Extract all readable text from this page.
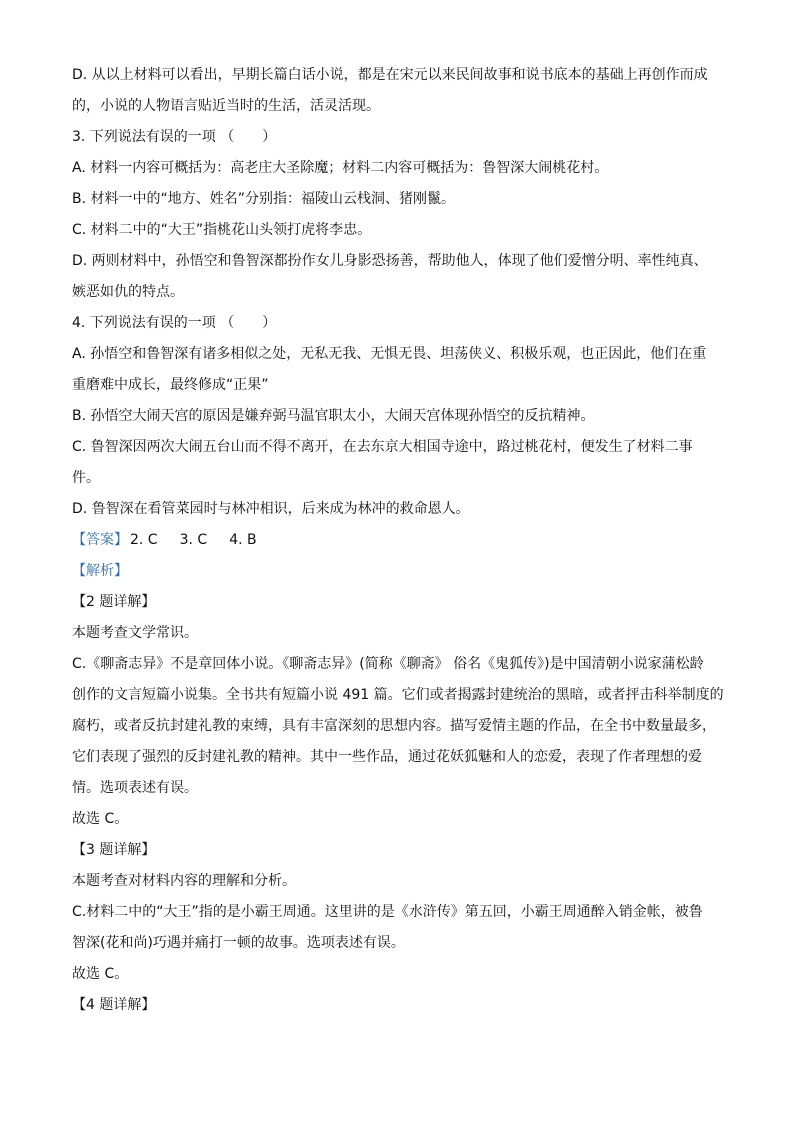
D. 从以上材料可以看出，早期长篇白话小说，都是在宋元以来民间故事和说书底本的基础上再创作而成
的，小说的人物语言贴近当时的生活，活灵活现。
3. 下列说法有误的一项 （　　）
A. 材料一内容可概括为：高老庄大圣除魔；材料二内容可概括为：鲁智深大闹桃花村。
B. 材料一中的“地方、姓名”分别指：福陵山云栈洞、猪刚鬣。
C. 材料二中的“大王”指桃花山头领打虎将李忠。
D. 两则材料中，孙悟空和鲁智深都扮作女儿身影恐扬善，帮助他人，体现了他们爱憎分明、率性纯真、
嫉恶如仇的特点。
4. 下列说法有误的一项 （　　）
A. 孙悟空和鲁智深有诸多相似之处，无私无我、无惧无畏、坦荡侠义、积极乐观，也正因此，他们在重
重磨难中成长，最终修成“正果”
B. 孙悟空大闹天宫的原因是嫌弃弼马温官职太小，大闹天宫体现孙悟空的反抗精神。
C. 鲁智深因两次大闹五台山而不得不离开，在去东京大相国寺途中，路过桃花村，便发生了材料二事
件。
D. 鲁智深在看管菜园时与林冲相识，后来成为林冲的救命恩人。
【答案】 2. C 3. C 4. B
【解析】
【2 题详解】
本题考查文学常识。
C.《聊斋志异》不是章回体小说。《聊斋志异》(简称《聊斋》 俗名《鬼狐传》)是中国清朝小说家蒲松龄
创作的文言短篇小说集。全书共有短篇小说 491 篇。它们或者揭露封建统治的黑暗，或者抨击科举制度的
腐朽，或者反抗封建礼教的束缚，具有丰富深刻的思想内容。描写爱情主题的作品，在全书中数量最多，
它们表现了强烈的反封建礼教的精神。其中一些作品，通过花妖狐魅和人的恋爱，表现了作者理想的爱
情。选项表述有误。
故选 C。
【3 题详解】
本题考查对材料内容的理解和分析。
C.材料二中的“大王”指的是小霸王周通。这里讲的是《水浒传》第五回，小霸王周通醉入销金帐，被鲁
智深(花和尚)巧遇并痛打一顿的故事。选项表述有误。
故选 C。
【4 题详解】
